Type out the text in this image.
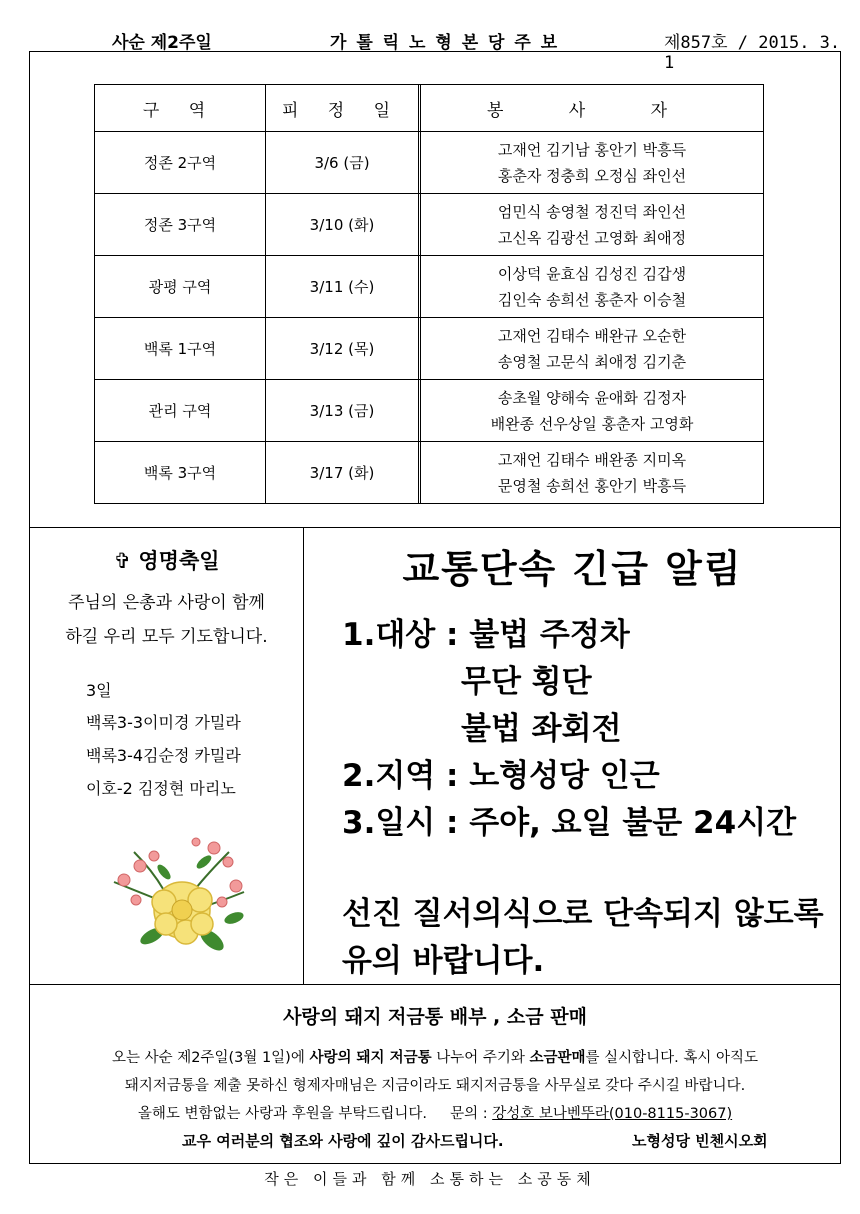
사순 제2주일	가 톨 릭 노 형 본 당 주 보	제857호 / 2015. 3. 1
구 역	피 정 일		봉 사 자
정존 2구역	3/6 (금)		고재언 김기남 홍안기 박흥득
홍춘자 정충희 오정심 좌인선

정존 3구역	3/10 (화)		엄민식 송영철 정진덕 좌인선
고신옥 김광선 고영화 최애정

광평 구역	3/11 (수)		이상덕 윤효심 김성진 김갑생
김인숙 송희선 홍춘자 이승철

백록 1구역	3/12 (목)		고재언 김태수 배완규 오순한
송영철 고문식 최애정 김기춘

관리 구역	3/13 (금)		송초월 양해숙 윤애화 김정자
배완종 선우상일 홍춘자 고영화

백록 3구역	3/17 (화)		고재언 김태수 배완종 지미옥
문영철 송희선 홍안기 박흥득
✞ 영명축일
주님의 은총과 사랑이 함께
하길 우리 모두 기도합니다.
3일
백록3-3이미경 가밀라
백록3-4김순정 카밀라
이호-2 김정현 마리노
교통단속 긴급 알림
1.대상 : 불법 주정차
무단 횡단
불법 좌회전
2.지역 : 노형성당 인근
3.일시 : 주야, 요일 불문 24시간
선진 질서의식으로 단속되지 않도록
유의 바랍니다.
사랑의 돼지 저금통 배부 , 소금 판매
오는 사순 제2주일(3월 1일)에 사랑의 돼지 저금통 나누어 주기와 소금판매를 실시합니다. 혹시 아직도
돼지저금통을 제출 못하신 형제자매님은 지금이라도 돼지저금통을 사무실로 갖다 주시길 바랍니다.
올해도 변함없는 사랑과 후원을 부탁드립니다.     문의 : 강성호 보나벤뚜라(010-8115-3067)
교우 여러분의 협조와 사랑에 깊이 감사드립니다.	노형성당 빈첸시오회
작은 이들과 함께 소통하는 소공동체
